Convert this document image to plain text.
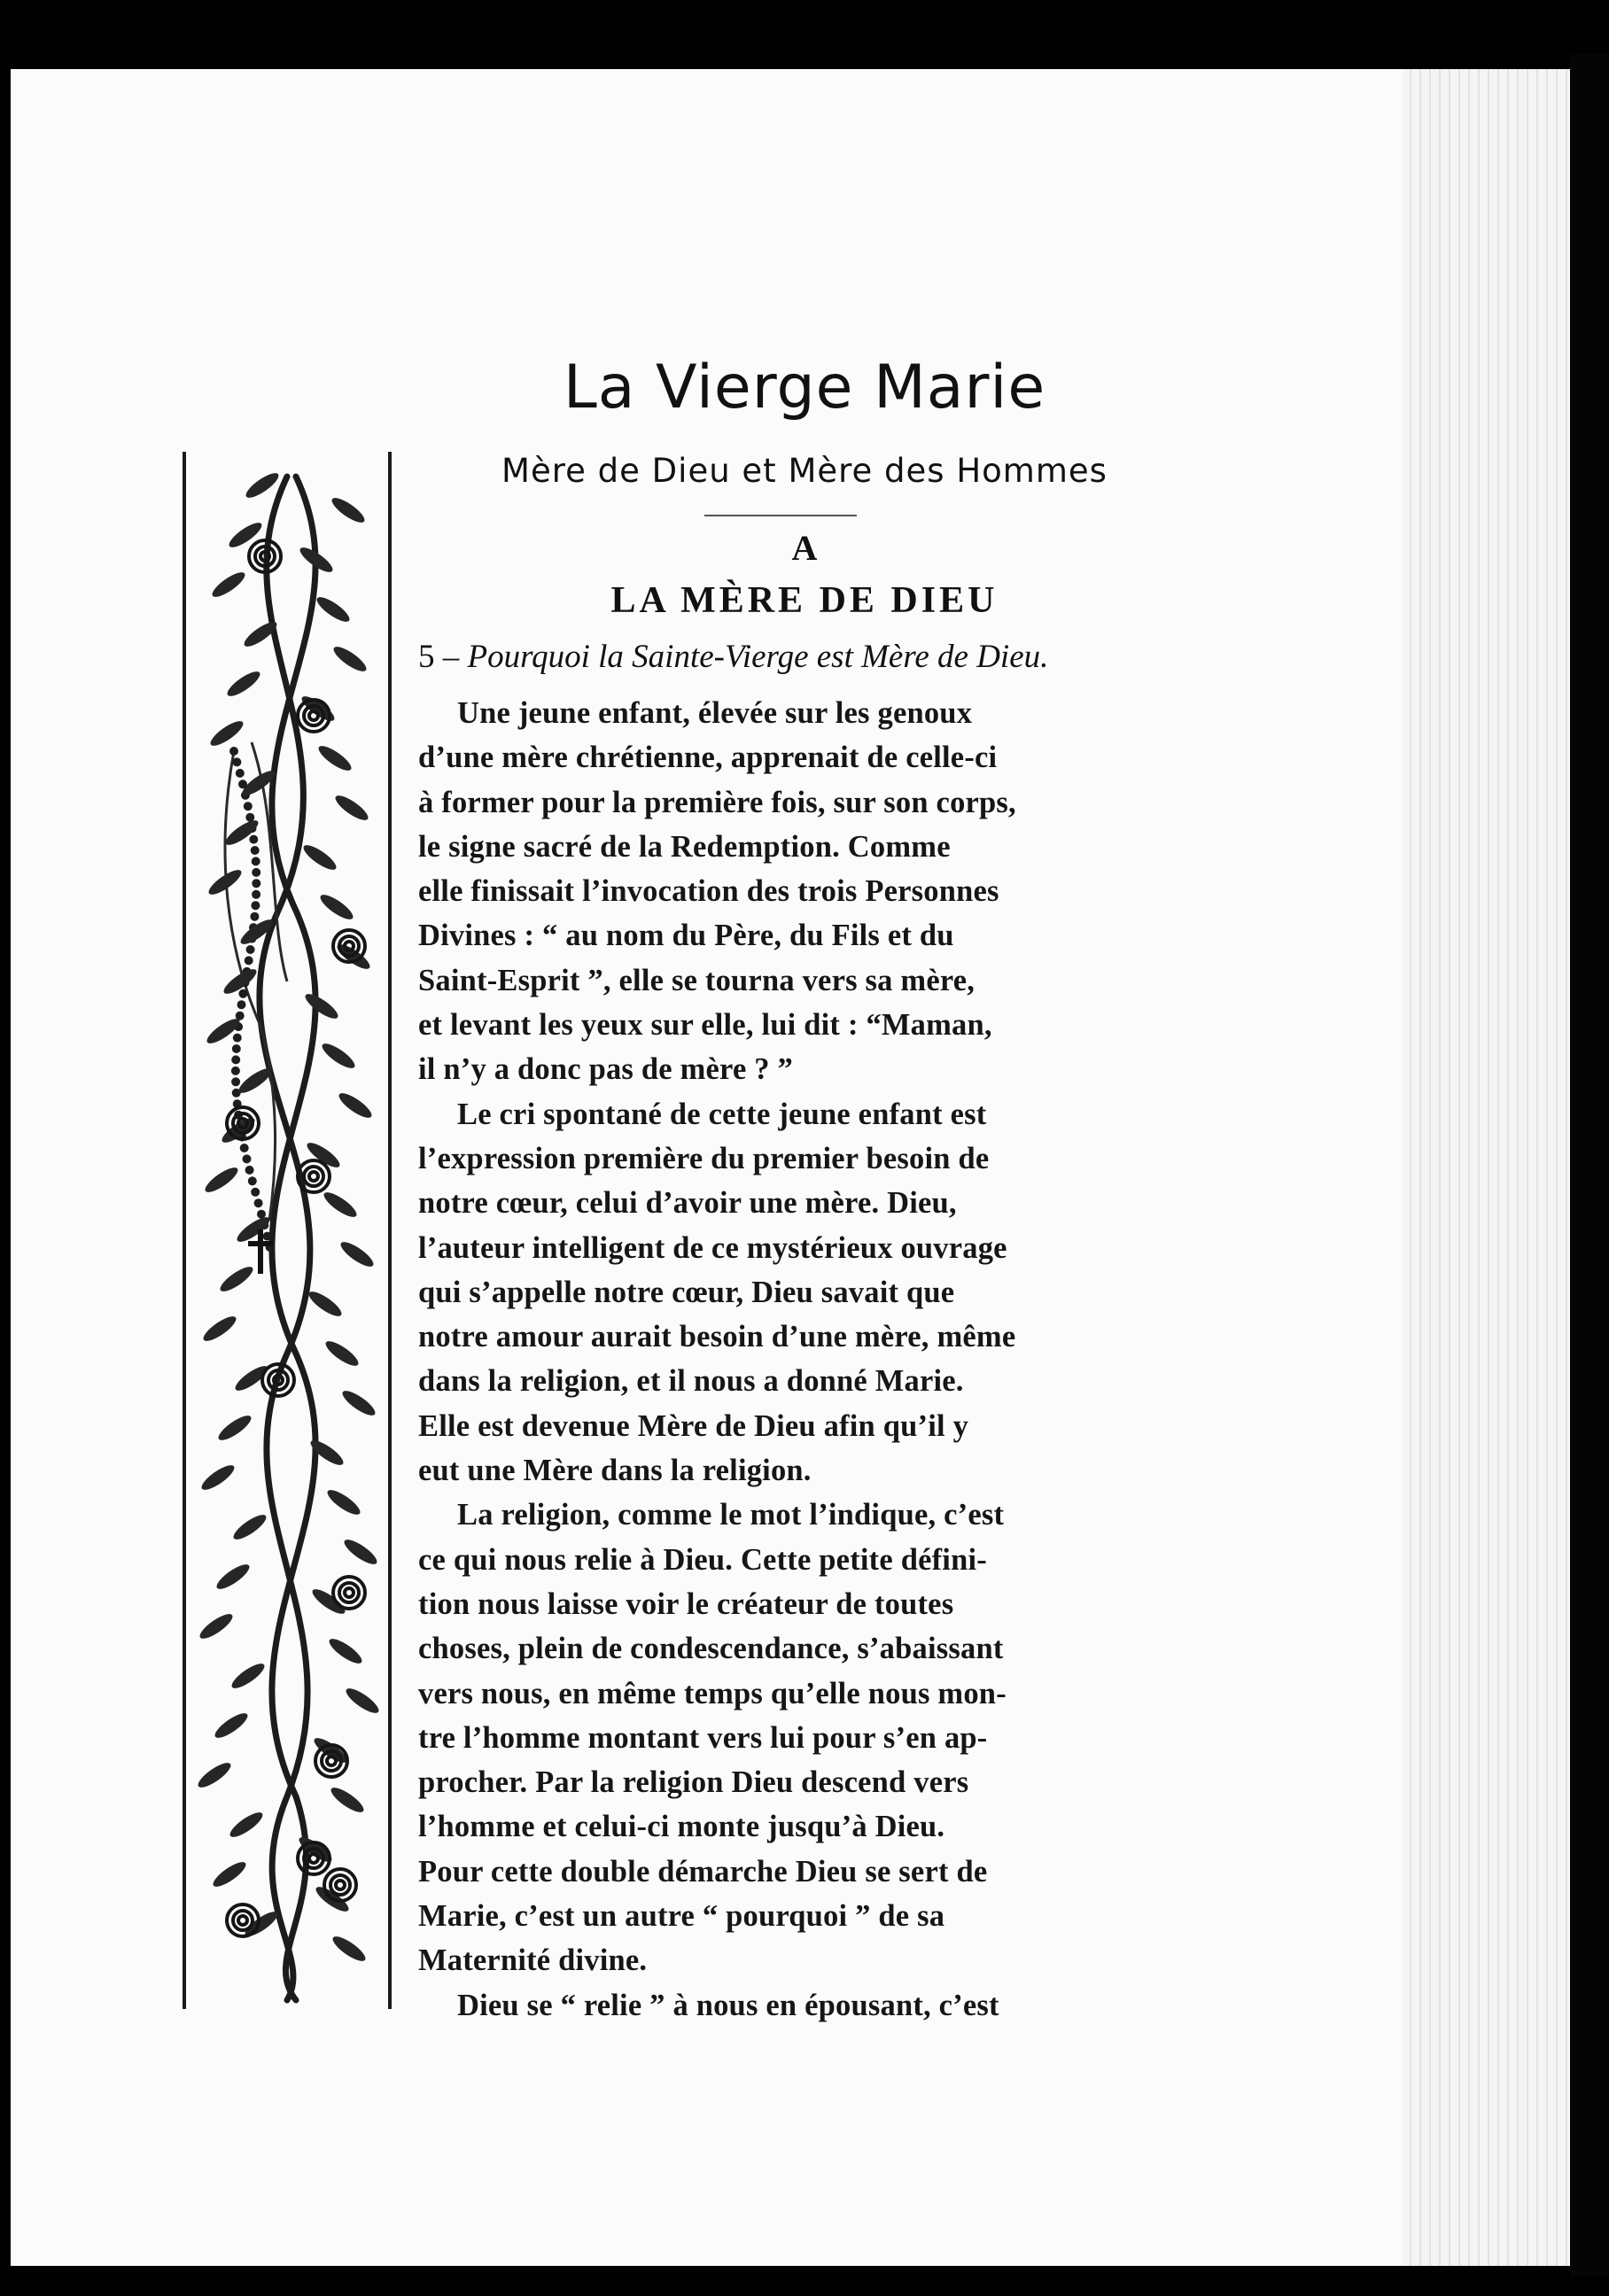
La Vierge Marie
Mère de Dieu et Mère des Hommes
A
LA MÈRE DE DIEU
5 – Pourquoi la Sainte-Vierge est Mère de Dieu.
Une jeune enfant, élevée sur les genoux
d’une mère chrétienne, apprenait de celle-ci
à former pour la première fois, sur son corps,
le signe sacré de la Redemption. Comme
elle finissait l’invocation des trois Personnes
Divines : “ au nom du Père, du Fils et du
Saint-Esprit ”, elle se tourna vers sa mère,
et levant les yeux sur elle, lui dit : “Maman,
il n’y a donc pas de mère ? ”
Le cri spontané de cette jeune enfant est
l’expression première du premier besoin de
notre cœur, celui d’avoir une mère. Dieu,
l’auteur intelligent de ce mystérieux ouvrage
qui s’appelle notre cœur, Dieu savait que
notre amour aurait besoin d’une mère, même
dans la religion, et il nous a donné Marie.
Elle est devenue Mère de Dieu afin qu’il y
eut une Mère dans la religion.
La religion, comme le mot l’indique, c’est
ce qui nous relie à Dieu. Cette petite défini-
tion nous laisse voir le créateur de toutes
choses, plein de condescendance, s’abaissant
vers nous, en même temps qu’elle nous mon-
tre l’homme montant vers lui pour s’en ap-
procher. Par la religion Dieu descend vers
l’homme et celui-ci monte jusqu’à Dieu.
Pour cette double démarche Dieu se sert de
Marie, c’est un autre “ pourquoi ” de sa
Maternité divine.
Dieu se “ relie ” à nous en épousant, c’est
